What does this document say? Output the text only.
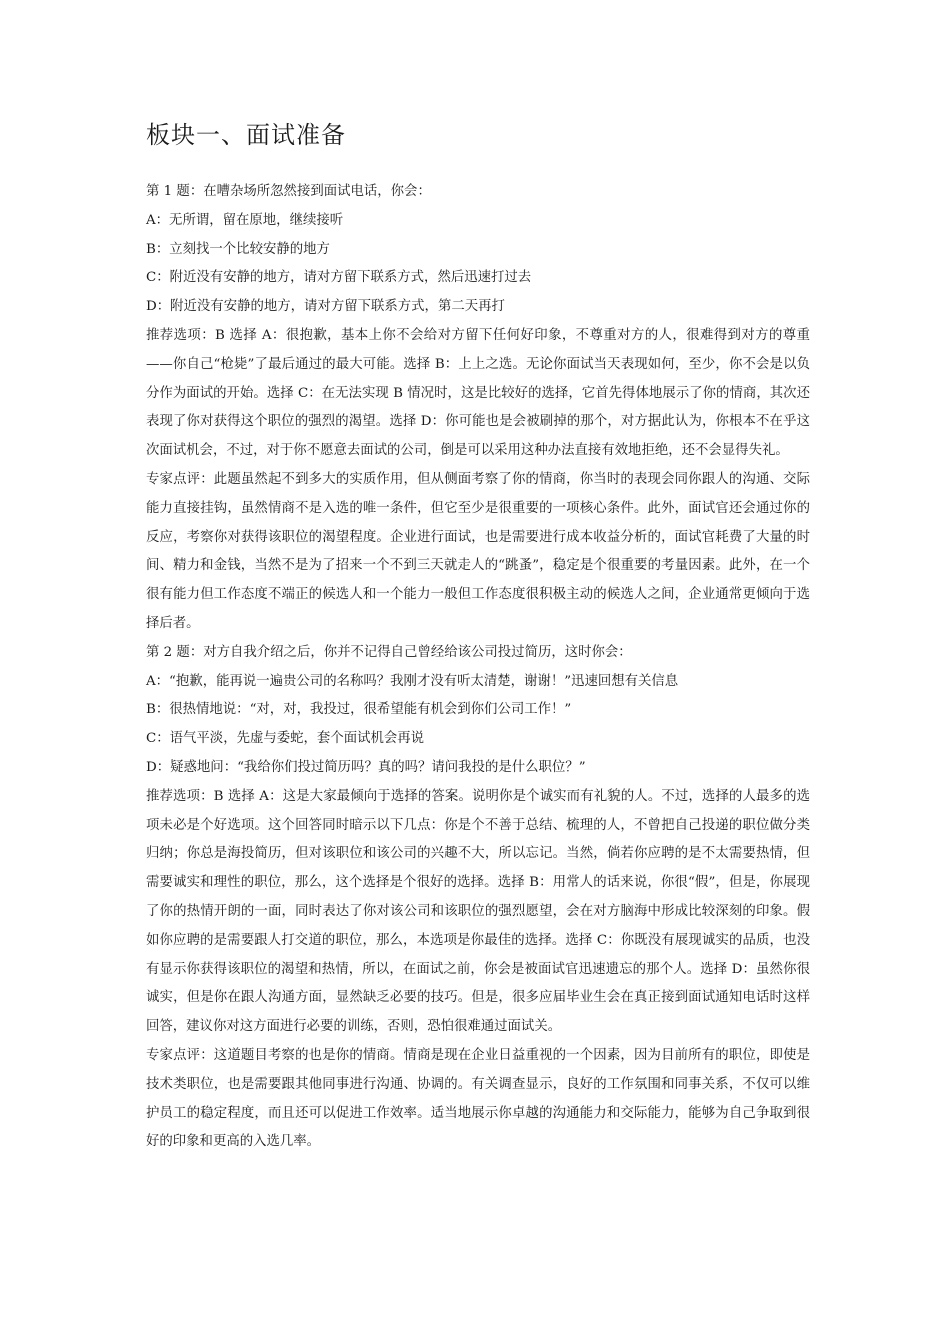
板块一、面试准备

第 1 题：在嘈杂场所忽然接到面试电话，你会：

A：无所谓，留在原地，继续接听

B：立刻找一个比较安静的地方

C：附近没有安静的地方，请对方留下联系方式，然后迅速打过去

D：附近没有安静的地方，请对方留下联系方式，第二天再打

推荐选项：B 选择 A：很抱歉，基本上你不会给对方留下任何好印象，不尊重对方的人，很难得到对方的尊重——你自己“枪毙”了最后通过的最大可能。选择 B：上上之选。无论你面试当天表现如何，至少，你不会是以负分作为面试的开始。选择 C：在无法实现 B 情况时，这是比较好的选择，它首先得体地展示了你的情商，其次还表现了你对获得这个职位的强烈的渴望。选择 D：你可能也是会被刷掉的那个，对方据此认为，你根本不在乎这次面试机会，不过，对于你不愿意去面试的公司，倒是可以采用这种办法直接有效地拒绝，还不会显得失礼。

专家点评：此题虽然起不到多大的实质作用，但从侧面考察了你的情商，你当时的表现会同你跟人的沟通、交际能力直接挂钩，虽然情商不是入选的唯一条件，但它至少是很重要的一项核心条件。此外，面试官还会通过你的反应，考察你对获得该职位的渴望程度。企业进行面试，也是需要进行成本收益分析的，面试官耗费了大量的时间、精力和金钱，当然不是为了招来一个不到三天就走人的“跳蚤”，稳定是个很重要的考量因素。此外，在一个很有能力但工作态度不端正的候选人和一个能力一般但工作态度很积极主动的候选人之间，企业通常更倾向于选择后者。

第 2 题：对方自我介绍之后，你并不记得自己曾经给该公司投过简历，这时你会：

A：“抱歉，能再说一遍贵公司的名称吗？我刚才没有听太清楚，谢谢！”迅速回想有关信息

B：很热情地说：“对，对，我投过，很希望能有机会到你们公司工作！”

C：语气平淡，先虚与委蛇，套个面试机会再说

D：疑惑地问：“我给你们投过简历吗？真的吗？请问我投的是什么职位？”

推荐选项：B 选择 A：这是大家最倾向于选择的答案。说明你是个诚实而有礼貌的人。不过，选择的人最多的选项未必是个好选项。这个回答同时暗示以下几点：你是个不善于总结、梳理的人，不曾把自己投递的职位做分类归纳；你总是海投简历，但对该职位和该公司的兴趣不大，所以忘记。当然，倘若你应聘的是不太需要热情，但需要诚实和理性的职位，那么，这个选择是个很好的选择。选择 B：用常人的话来说，你很“假”，但是，你展现了你的热情开朗的一面，同时表达了你对该公司和该职位的强烈愿望，会在对方脑海中形成比较深刻的印象。假如你应聘的是需要跟人打交道的职位，那么，本选项是你最佳的选择。选择 C：你既没有展现诚实的品质，也没有显示你获得该职位的渴望和热情，所以，在面试之前，你会是被面试官迅速遗忘的那个人。选择 D：虽然你很诚实，但是你在跟人沟通方面，显然缺乏必要的技巧。但是，很多应届毕业生会在真正接到面试通知电话时这样回答，建议你对这方面进行必要的训练，否则，恐怕很难通过面试关。

专家点评：这道题目考察的也是你的情商。情商是现在企业日益重视的一个因素，因为目前所有的职位，即使是技术类职位，也是需要跟其他同事进行沟通、协调的。有关调查显示，良好的工作氛围和同事关系，不仅可以维护员工的稳定程度，而且还可以促进工作效率。适当地展示你卓越的沟通能力和交际能力，能够为自己争取到很好的印象和更高的入选几率。
